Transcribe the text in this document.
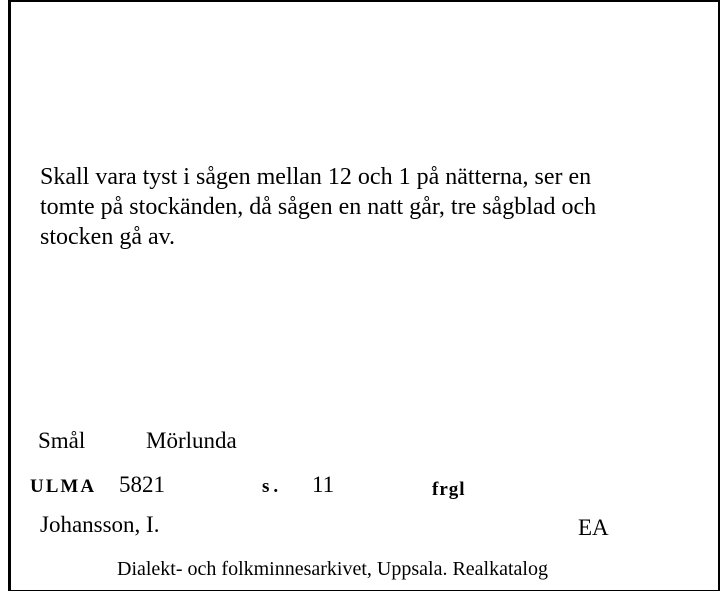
Skall vara tyst i sågen mellan 12 och 1 på nätterna, ser en
tomte på stockänden, då sågen en natt går, tre sågblad och
stocken gå av.
Smål	Mörlunda
ULMA 5821	s. 11	frgl
Johansson, I.	EA
Dialekt- och folkminnesarkivet, Uppsala. Realkatalog
